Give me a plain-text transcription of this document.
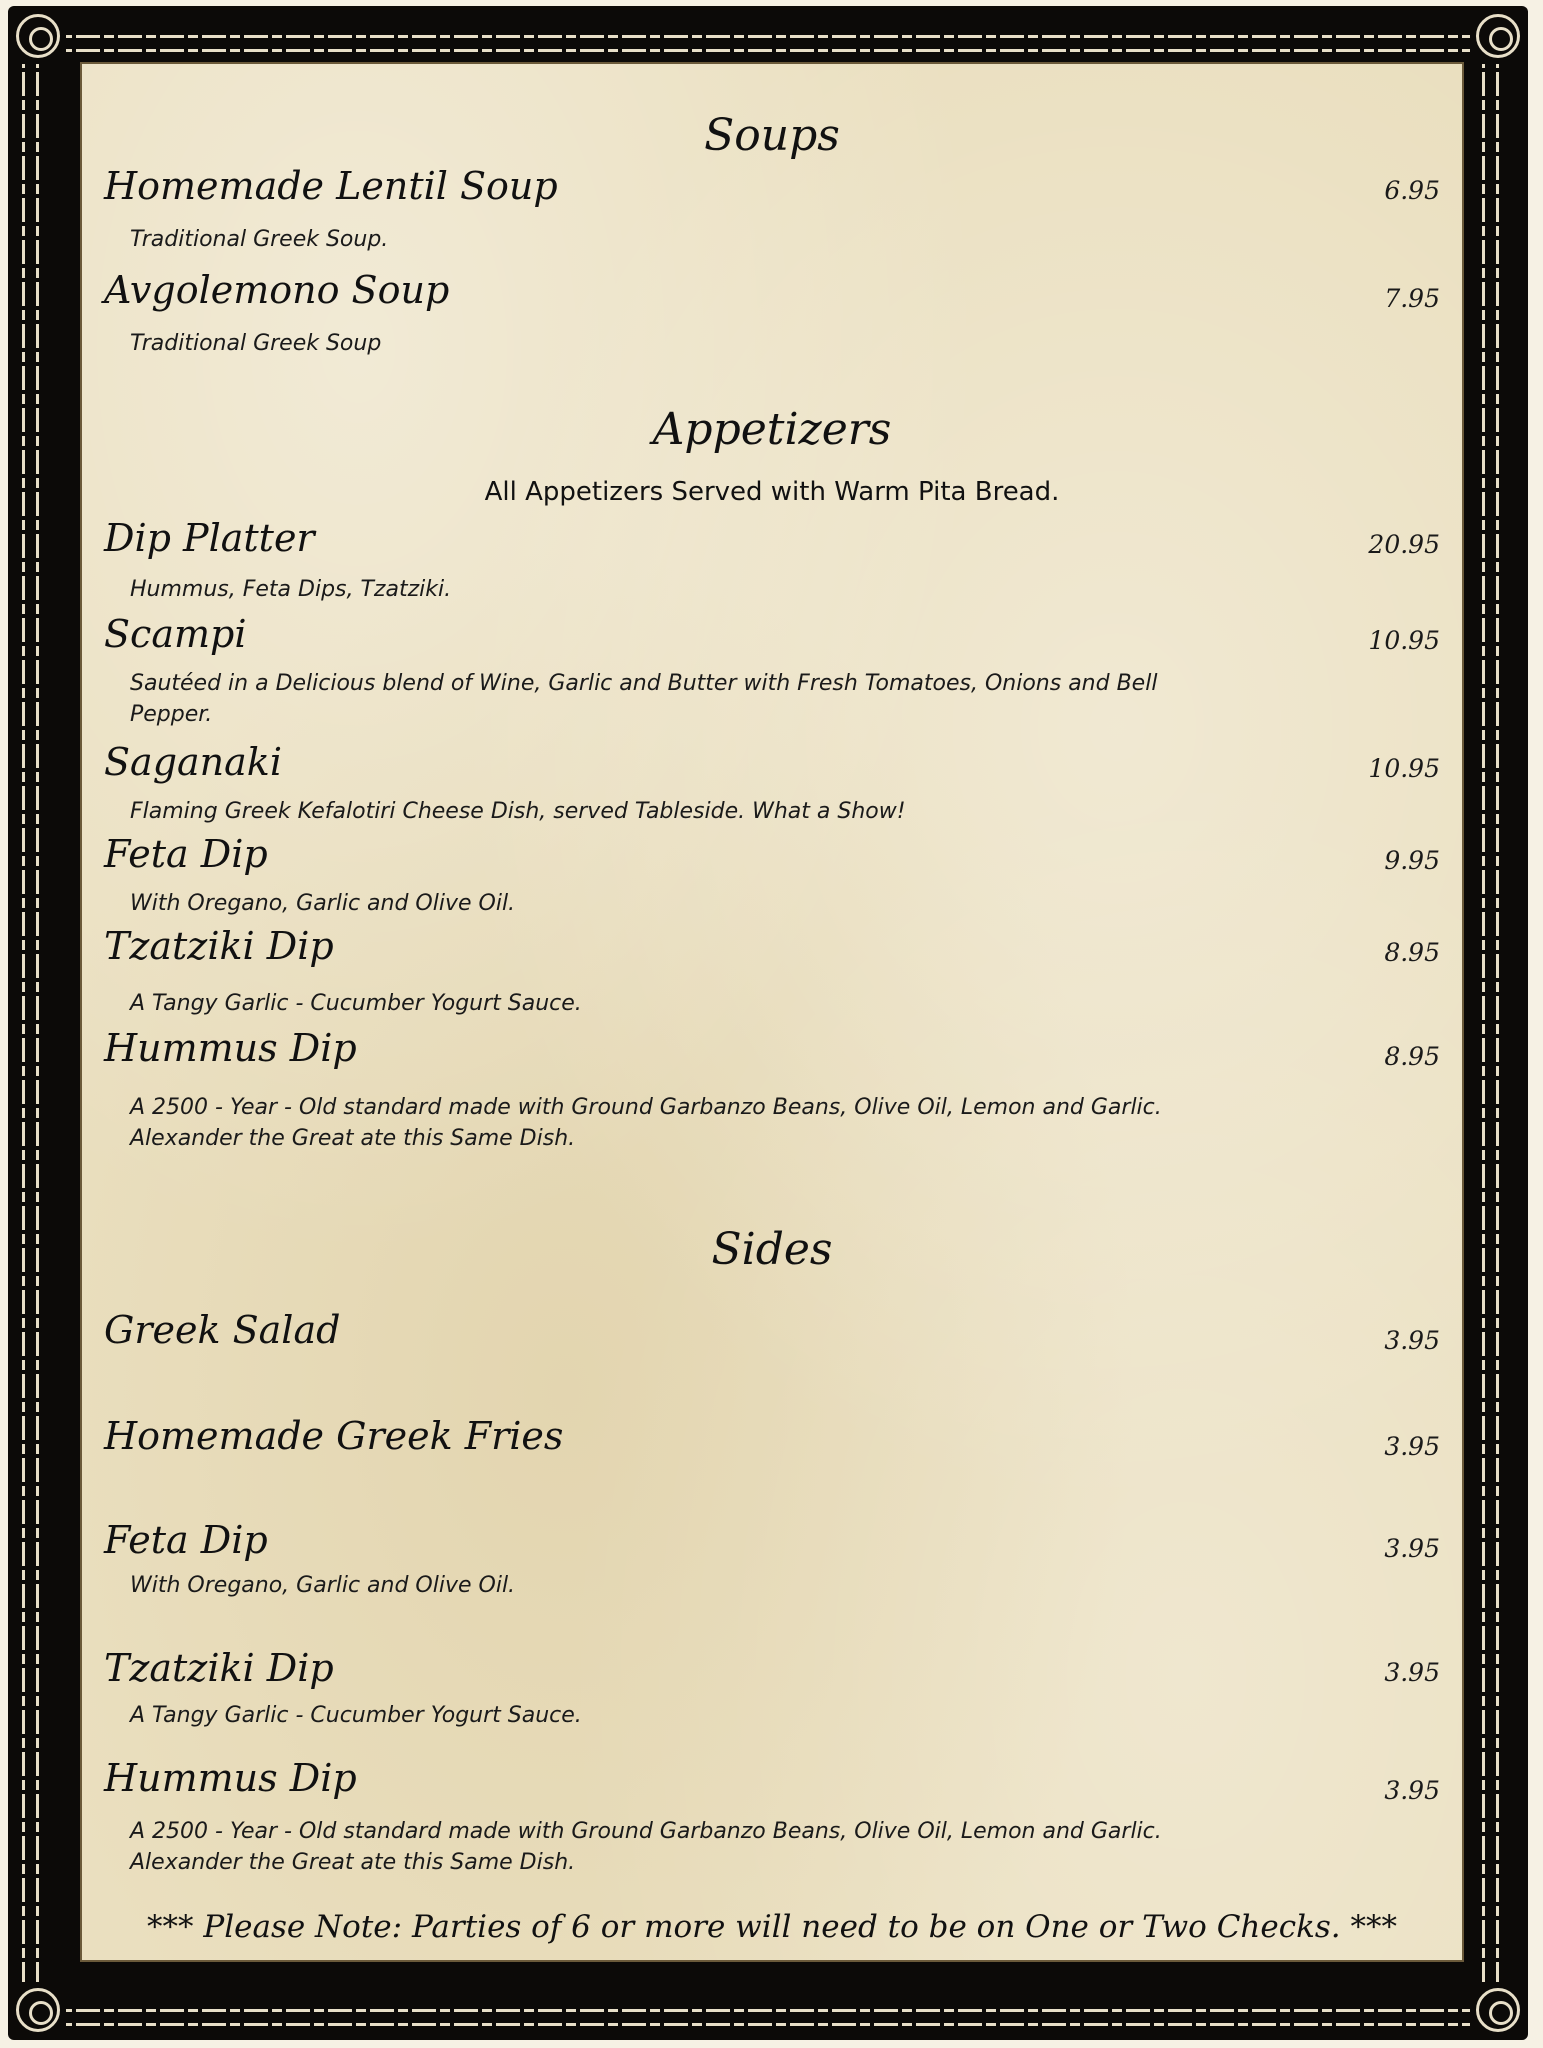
Soups
Homemade Lentil Soup	6.95
Traditional Greek Soup.
Avgolemono Soup	7.95
Traditional Greek Soup
Appetizers
All Appetizers Served with Warm Pita Bread.
Dip Platter	20.95
Hummus, Feta Dips, Tzatziki.
Scampi	10.95
Sautéed in a Delicious blend of Wine, Garlic and Butter with Fresh Tomatoes, Onions and Bell Pepper.
Saganaki	10.95
Flaming Greek Kefalotiri Cheese Dish, served Tableside. What a Show!
Feta Dip	9.95
With Oregano, Garlic and Olive Oil.
Tzatziki Dip	8.95
A Tangy Garlic - Cucumber Yogurt Sauce.
Hummus Dip	8.95
A 2500 - Year - Old standard made with Ground Garbanzo Beans, Olive Oil, Lemon and Garlic. Alexander the Great ate this Same Dish.
Sides
Greek Salad	3.95
Homemade Greek Fries	3.95
Feta Dip	3.95
With Oregano, Garlic and Olive Oil.
Tzatziki Dip	3.95
A Tangy Garlic - Cucumber Yogurt Sauce.
Hummus Dip	3.95
A 2500 - Year - Old standard made with Ground Garbanzo Beans, Olive Oil, Lemon and Garlic. Alexander the Great ate this Same Dish.
*** Please Note: Parties of 6 or more will need to be on One or Two Checks. ***
